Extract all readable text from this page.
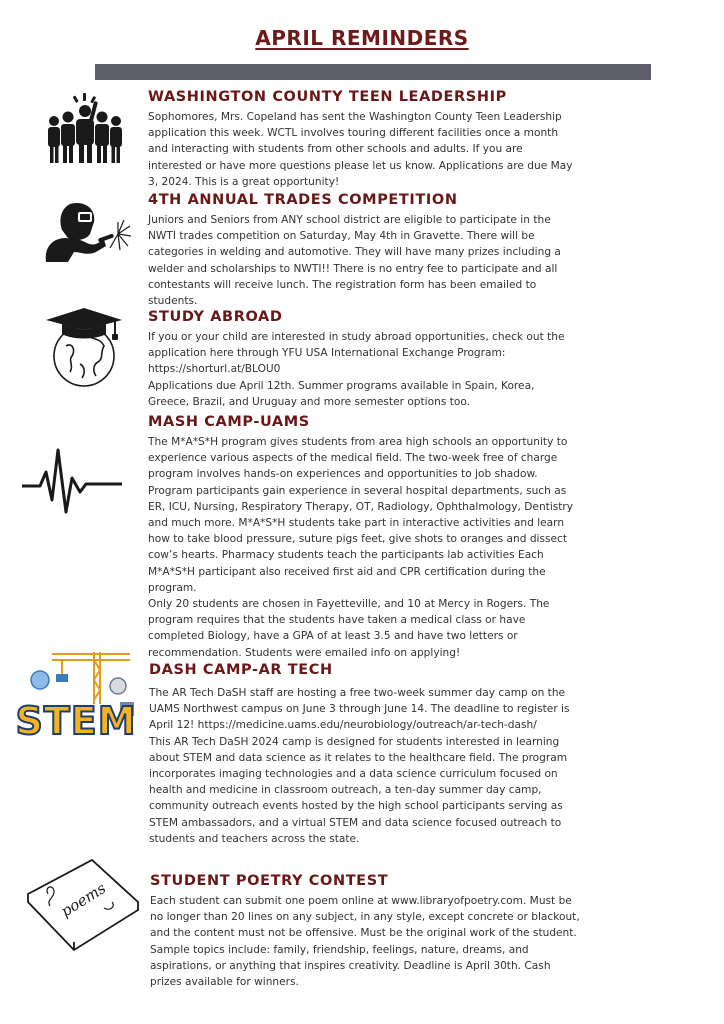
APRIL REMINDERS
WASHINGTON COUNTY TEEN LEADERSHIP

Sophomores, Mrs. Copeland has sent the Washington County Teen Leadership application this week. WCTL involves touring different facilities once a month and interacting with students from other schools and adults. If you are interested or have more questions please let us know. Applications are due May 3, 2024. This is a great opportunity!

4TH ANNUAL TRADES COMPETITION

Juniors and Seniors from ANY school district are eligible to participate in the NWTI trades competition on Saturday, May 4th in Gravette. There will be categories in welding and automotive. They will have many prizes including a welder and scholarships to NWTI!! There is no entry fee to participate and all contestants will receive lunch. The registration form has been emailed to students.

STUDY ABROAD

If you or your child are interested in study abroad opportunities, check out the application here through YFU USA International Exchange Program: https://shorturl.at/BLOU0

Applications due April 12th. Summer programs available in Spain, Korea, Greece, Brazil, and Uruguay and more semester options too.

MASH CAMP-UAMS

The M*A*S*H program gives students from area high schools an opportunity to experience various aspects of the medical field. The two-week free of charge program involves hands-on experiences and opportunities to job shadow. Program participants gain experience in several hospital departments, such as ER, ICU, Nursing, Respiratory Therapy, OT, Radiology, Ophthalmology, Dentistry and much more. M*A*S*H students take part in interactive activities and learn how to take blood pressure, suture pigs feet, give shots to oranges and dissect cow’s hearts. Pharmacy students teach the participants lab activities Each M*A*S*H participant also received first aid and CPR certification during the program.

Only 20 students are chosen in Fayetteville, and 10 at Mercy in Rogers. The program requires that the students have taken a medical class or have completed Biology, have a GPA of at least 3.5 and have two letters or recommendation. Students were emailed info on applying!

STEM
DASH CAMP-AR TECH

The AR Tech DaSH staff are hosting a free two-week summer day camp on the UAMS Northwest campus on June 3 through June 14. The deadline to register is April 12! https://medicine.uams.edu/neurobiology/outreach/ar-tech-dash/

This AR Tech DaSH 2024 camp is designed for students interested in learning about STEM and data science as it relates to the healthcare field. The program incorporates imaging technologies and a data science curriculum focused on health and medicine in classroom outreach, a ten-day summer day camp, community outreach events hosted by the high school participants serving as STEM ambassadors, and a virtual STEM and data science focused outreach to students and teachers across the state.

poems	STUDENT POETRY CONTEST

Each student can submit one poem online at www.libraryofpoetry.com. Must be no longer than 20 lines on any subject, in any style, except concrete or blackout, and the content must not be offensive. Must be the original work of the student. Sample topics include: family, friendship, feelings, nature, dreams, and aspirations, or anything that inspires creativity. Deadline is April 30th. Cash prizes available for winners.
